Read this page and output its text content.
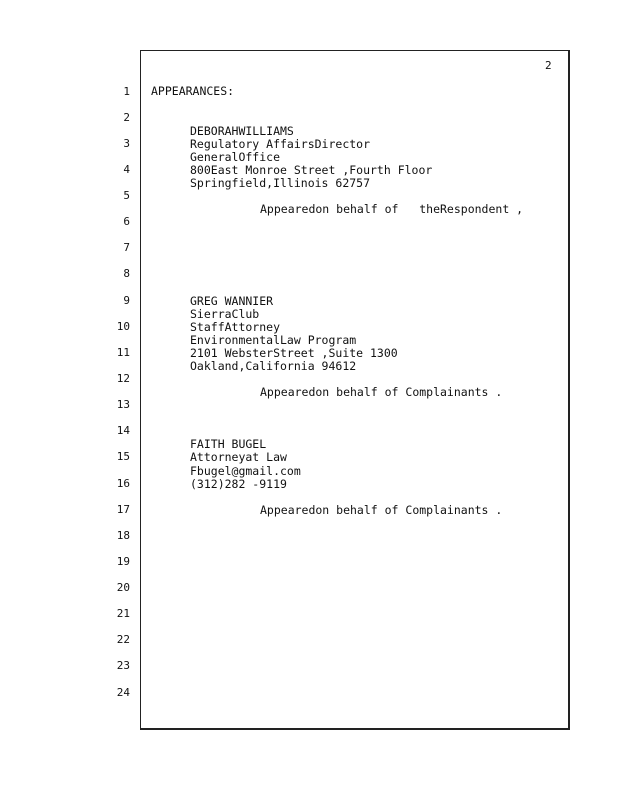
2
1
2
3
4
5
6
7
8
9
10
11
12
13
14
15
16
17
18
19
20
21
22
23
24
APPEARANCES:
DEBORAHWILLIAMS
Regulatory AffairsDirector
GeneralOffice
800East Monroe Street ,Fourth Floor
Springfield,Illinois 62757
Appearedon behalf of   theRespondent ,
GREG WANNIER
SierraClub
StaffAttorney
EnvironmentalLaw Program
2101 WebsterStreet ,Suite 1300
Oakland,California 94612
Appearedon behalf of Complainants .
FAITH BUGEL
Attorneyat Law
Fbugel@gmail.com
(312)282 -9119
Appearedon behalf of Complainants .
